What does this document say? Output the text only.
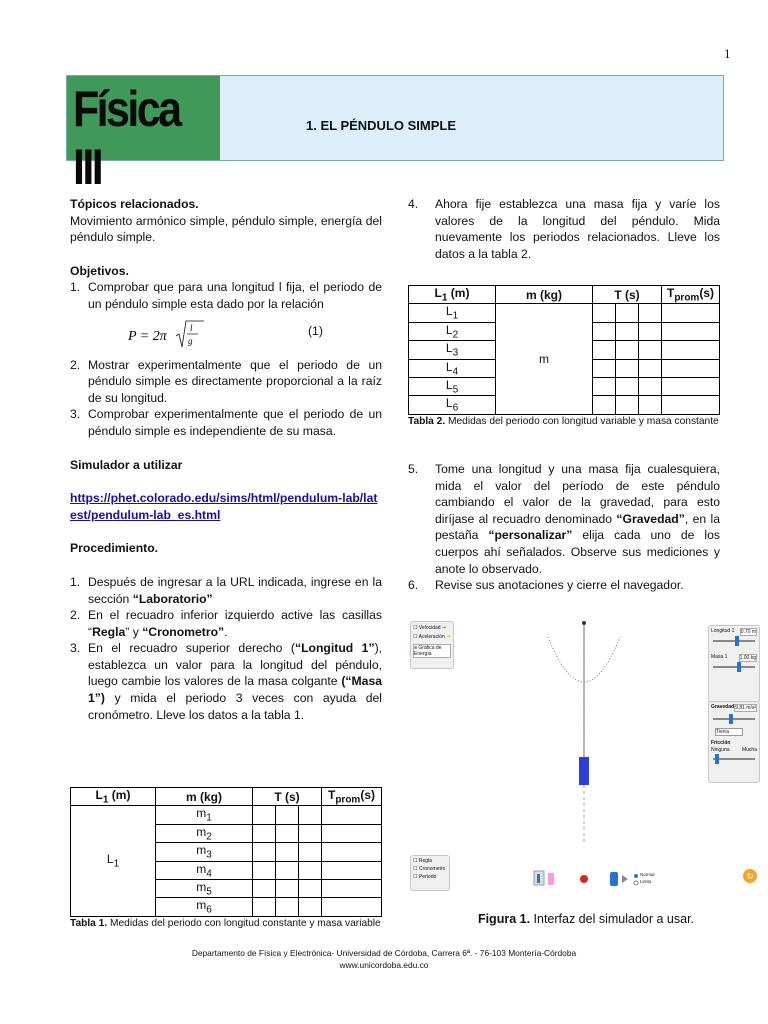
1
Física III
1. EL PÉNDULO SIMPLE

Tópicos relacionados.

Movimiento armónico simple, péndulo simple, energía del péndulo simple.

Objetivos.

1. Comprobar que para una longitud l fija, el periodo de un péndulo simple esta dado por la relación
P = 2π
l
g
(1)
2. Mostrar experimentalmente que el periodo de un péndulo simple es directamente proporcional a la raíz de su longitud.
3. Comprobar experimentalmente que el periodo de un péndulo simple es independiente de su masa.

Simulador a utilizar

https://phet.colorado.edu/sims/html/pendulum-lab/latest/pendulum-lab_es.html

Procedimiento.

1. Después de ingresar a la URL indicada, ingrese en la sección “Laboratorio”
2. En el recuadro inferior izquierdo active las casillas “Regla” y “Cronometro”.
3. En el recuadro superior derecho (“Longitud 1”), establezca un valor para la longitud del péndulo, luego cambie los valores de la masa colgante (“Masa 1”) y mida el periodo 3 veces con ayuda del cronómetro. Lleve los datos a la tabla 1.
$L_1$ (m)	m (kg)	T (s)			$T_{prom}(s)$
$L_1$	$m_1$				
	$m_2$				
	$m_3$				
	$m_4$				
	$m_5$				
	$m_6$				
Tabla 1. Medidas del periodo con longitud constante y masa variable
4. Ahora fije establezca una masa fija y varíe los valores de la longitud del péndulo. Mida nuevamente los periodos relacionados. Lleve los datos a la tabla 2.
$L_1$ (m)	m (kg)	T (s)			$T_{prom}(s)$
$L_1$	m				
$L_2$				
$L_3$				
$L_4$				
$L_5$				
$L_6$				
Tabla 2. Medidas del periodo con longitud variable y masa constante
5. Tome una longitud y una masa fija cualesquiera, mida el valor del período de este péndulo cambiando el valor de la gravedad, para esto diríjase al recuadro denominado “Gravedad”, en la pestaña “personalizar” elija cada uno de los cuerpos ahí señalados. Observe sus mediciones y anote lo observado.
6. Revise sus anotaciones y cierre el navegador.
☐ Velocidad ➜
☐ Aceleración ➜
■ Gráfica de Energía
Longitud 1 0.70 m
Masa 1 1.00 kg
Gravedad 9.81 m/s²
Tierra
Fricción
Ninguna Mucha
☐ Regla
☐ Cronometro
☐ Período	Normal
Lento
↻
Figura 1. Interfaz del simulador a usar.
Departamento de Física y Electrónica- Universidad de Córdoba, Carrera 6ª. - 76-103 Montería-Córdoba
www.unicordoba.edu.co
